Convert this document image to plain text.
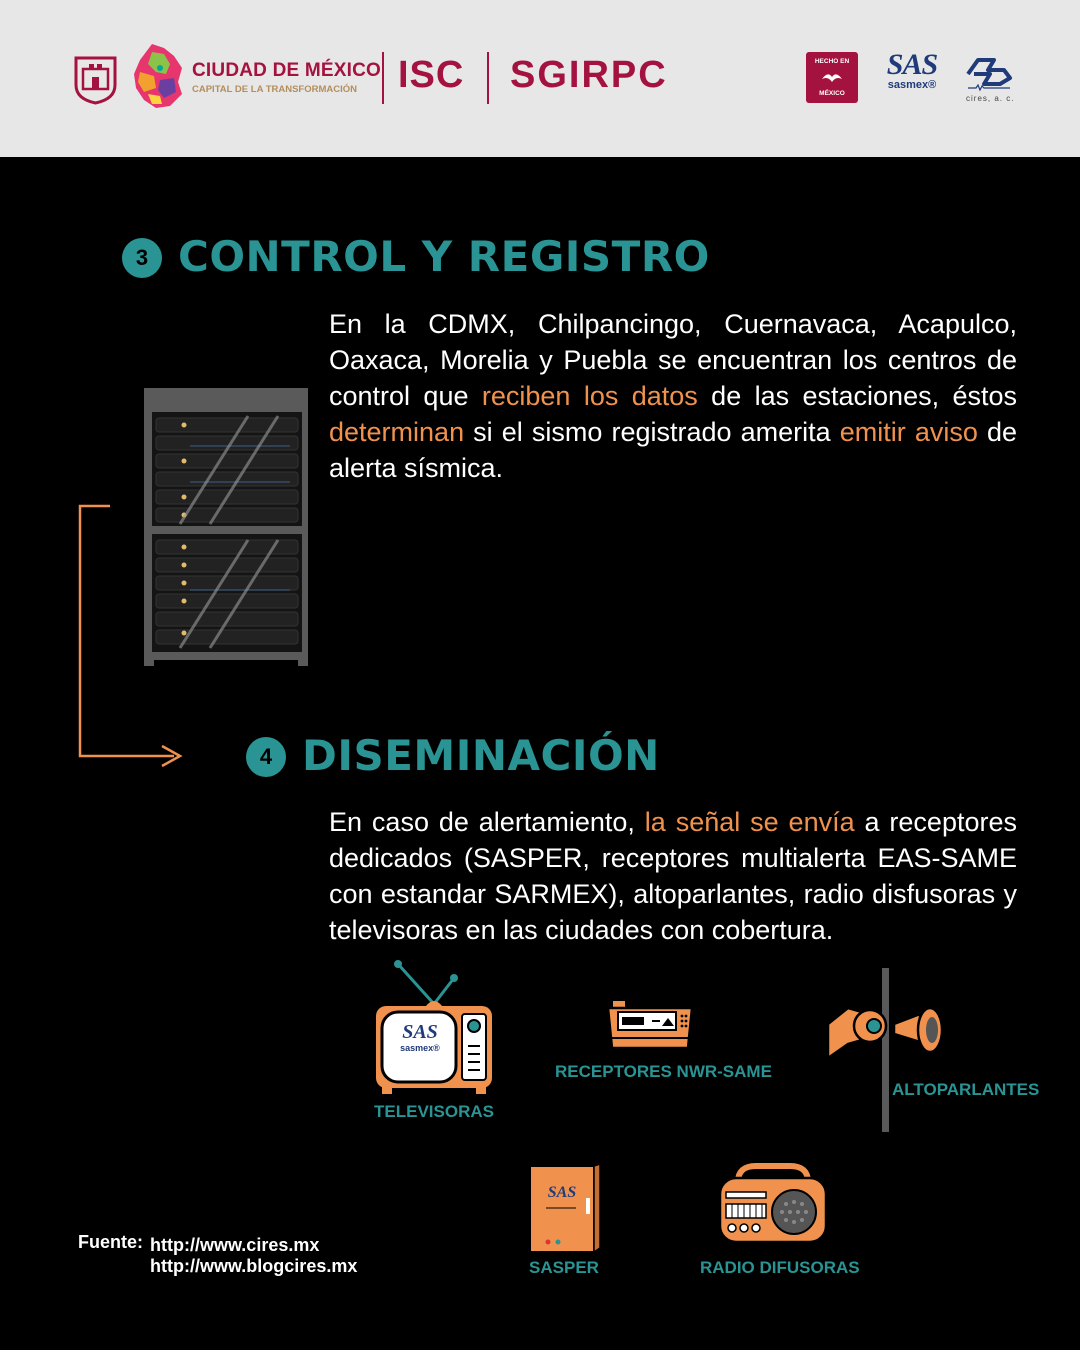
CIUDAD DE MÉXICO
CAPITAL DE LA TRANSFORMACIÓN ISC SGIRPC	HECHO EN
MÉXICO
SAS
sasmex®
cires, a. c.
3 CONTROL Y REGISTRO
En la CDMX, Chilpancingo, Cuernavaca, Acapulco, Oaxaca, Morelia y Puebla se encuentran los centros de control que reciben los datos de las estaciones, éstos determinan si el sismo registrado amerita emitir aviso de alerta sísmica.
4 DISEMINACIÓN
En caso de alertamiento, la señal se envía a receptores dedicados (SASPER, receptores multialerta EAS-SAME con estandar SARMEX), altoparlantes, radio disfusoras y televisoras en las ciudades con cobertura.
SAS
sasmex®
TELEVISORAS
RECEPTORES NWR-SAME
ALTOPARLANTES
SAS
SASPER	RADIO DIFUSORAS
Fuente: http://www.cires.mx
http://www.blogcires.mx
